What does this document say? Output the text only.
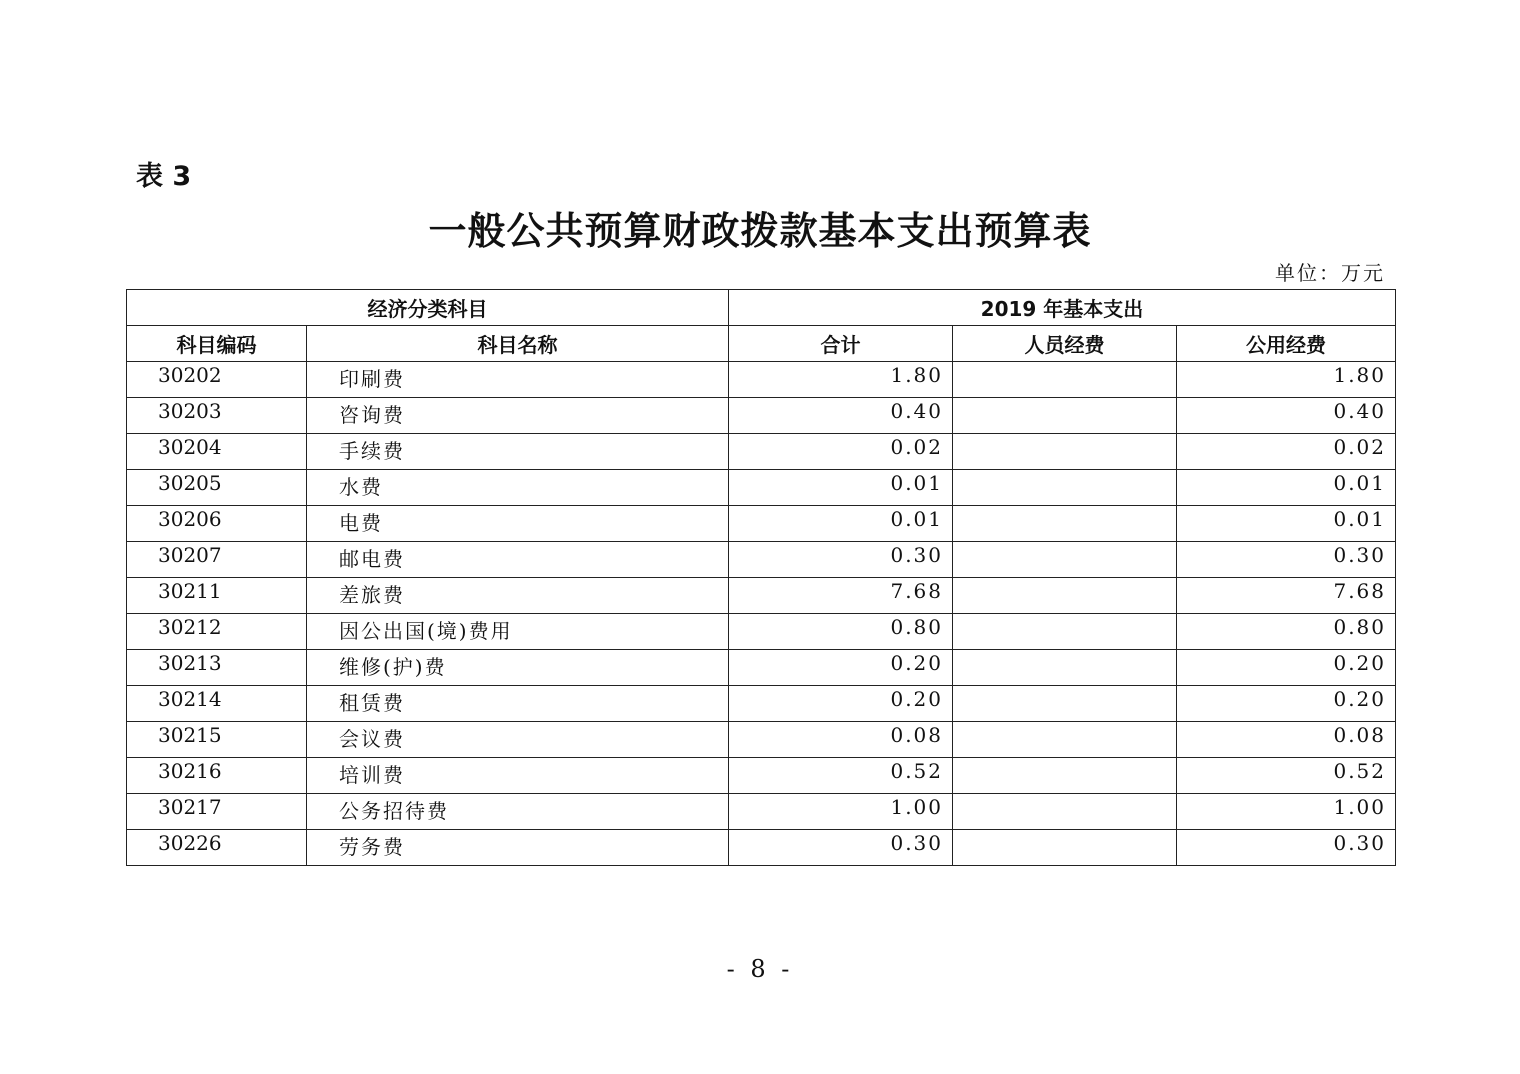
表 3
一般公共预算财政拨款基本支出预算表
单位：万元
经济分类科目		2019 年基本支出		
科目编码	科目名称	合计	人员经费	公用经费
30202	印刷费	1.80		1.80
30203	咨询费	0.40		0.40
30204	手续费	0.02		0.02
30205	水费	0.01		0.01
30206	电费	0.01		0.01
30207	邮电费	0.30		0.30
30211	差旅费	7.68		7.68
30212	因公出国(境)费用	0.80		0.80
30213	维修(护)费	0.20		0.20
30214	租赁费	0.20		0.20
30215	会议费	0.08		0.08
30216	培训费	0.52		0.52
30217	公务招待费	1.00		1.00
30226	劳务费	0.30		0.30
- 8 -
